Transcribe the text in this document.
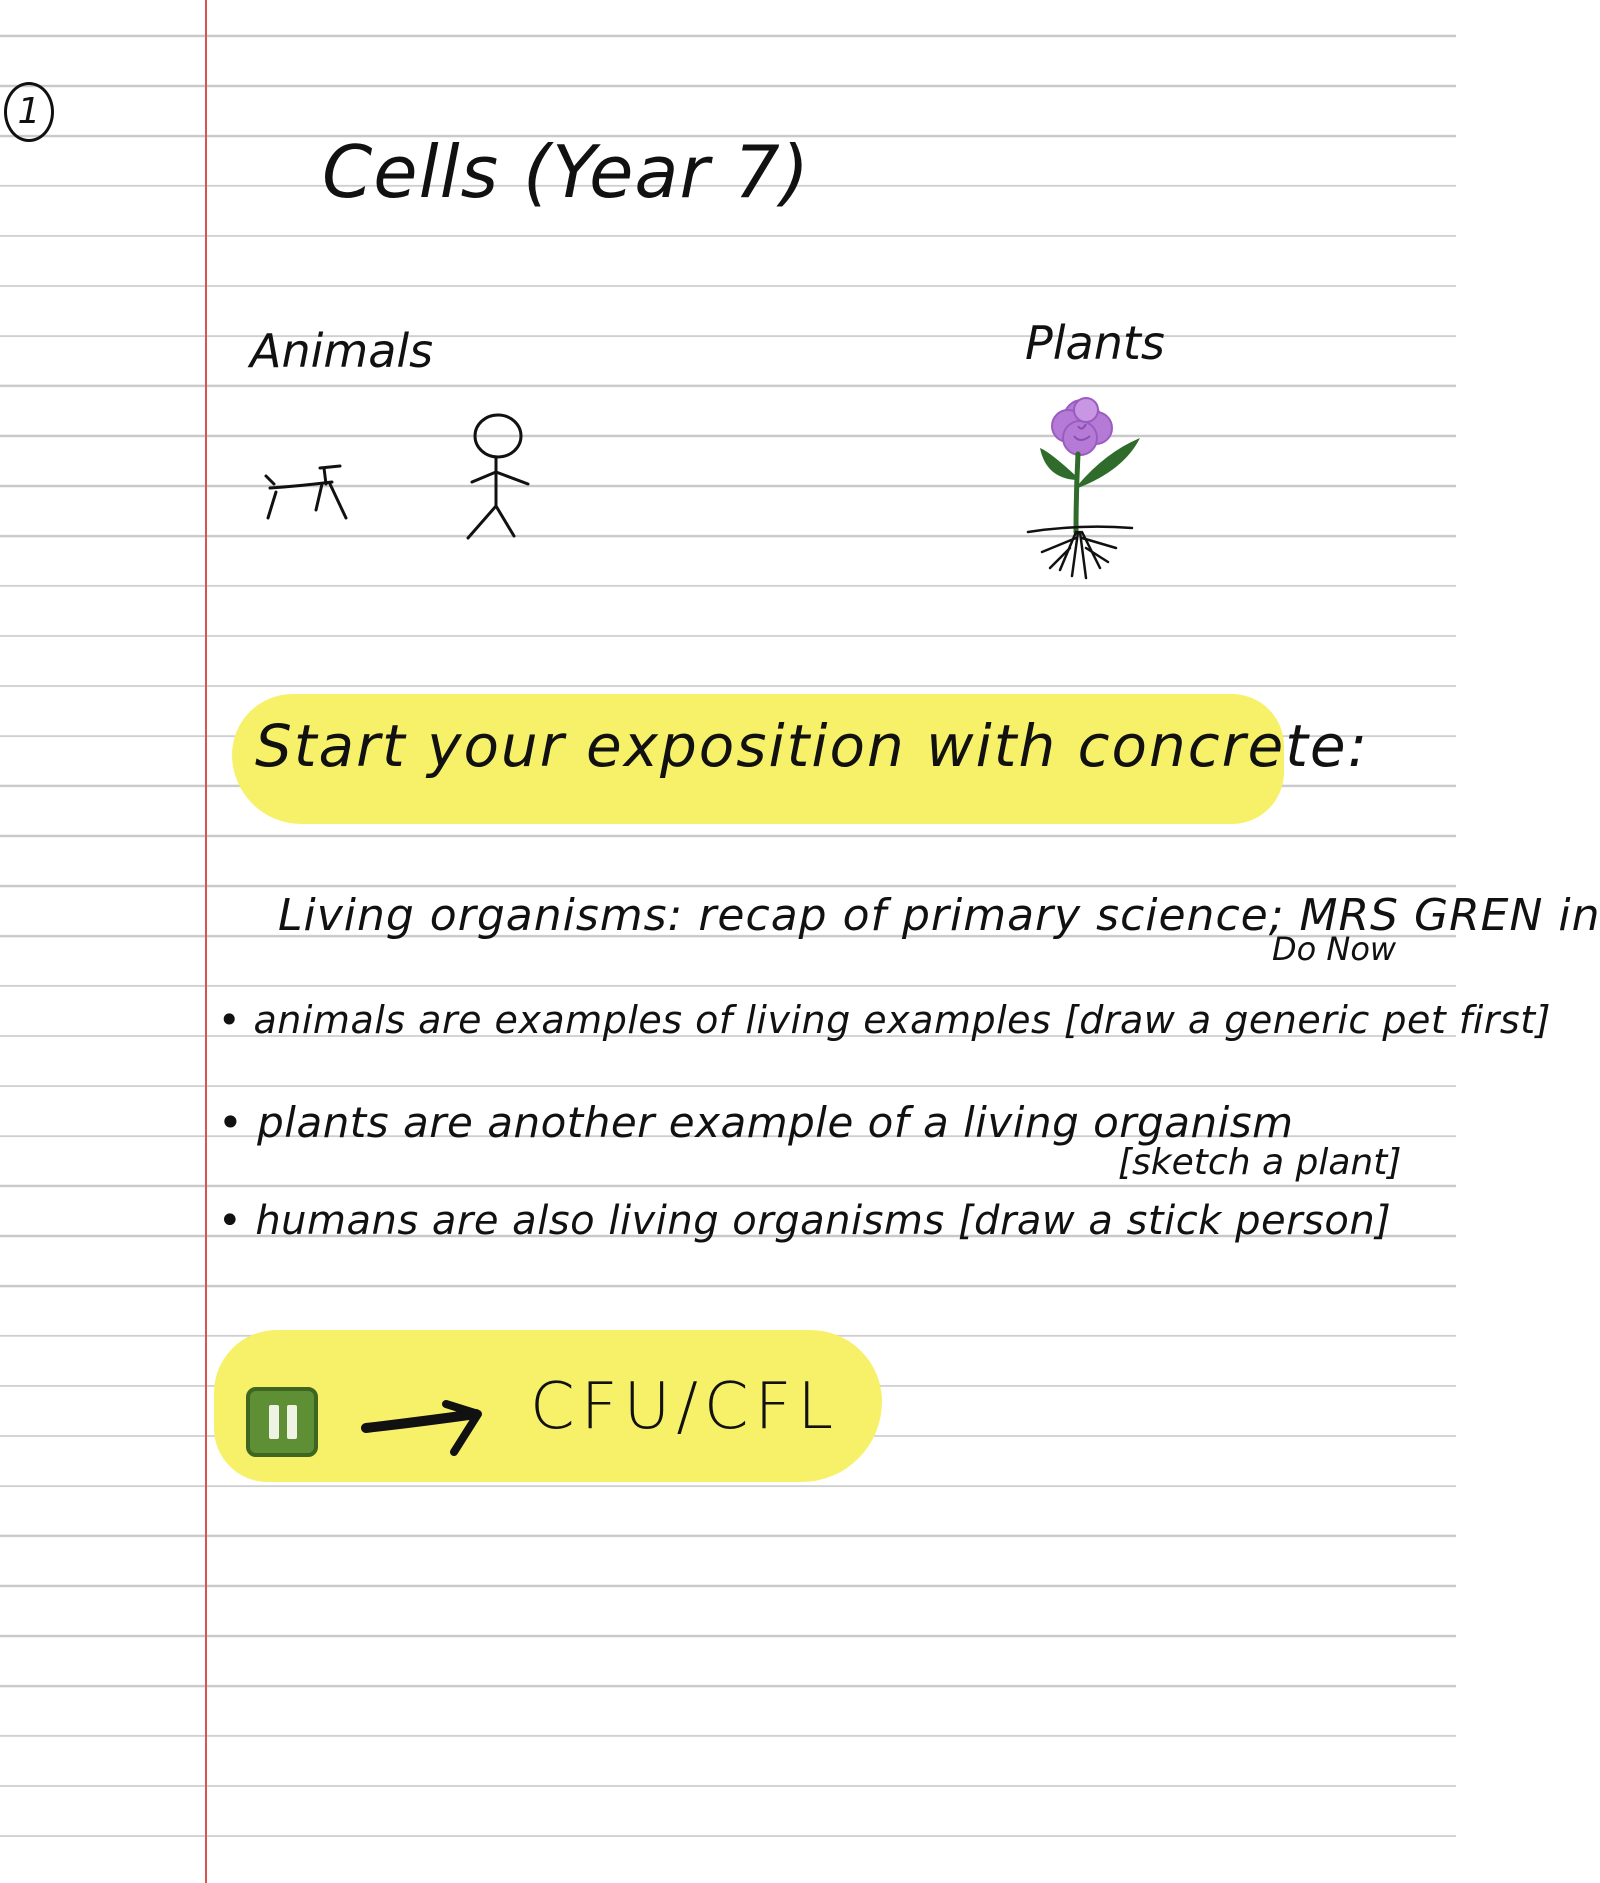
1
Cells (Year 7)
Animals	Plants
Start your exposition with concrete:
Living organisms: recap of primary science; MRS GREN in
Do Now
• animals are examples of living examples [draw a generic pet first]
• plants are another example of a living organism
[sketch a plant]
• humans are also living organisms [draw a stick person]
CFU/CFL
